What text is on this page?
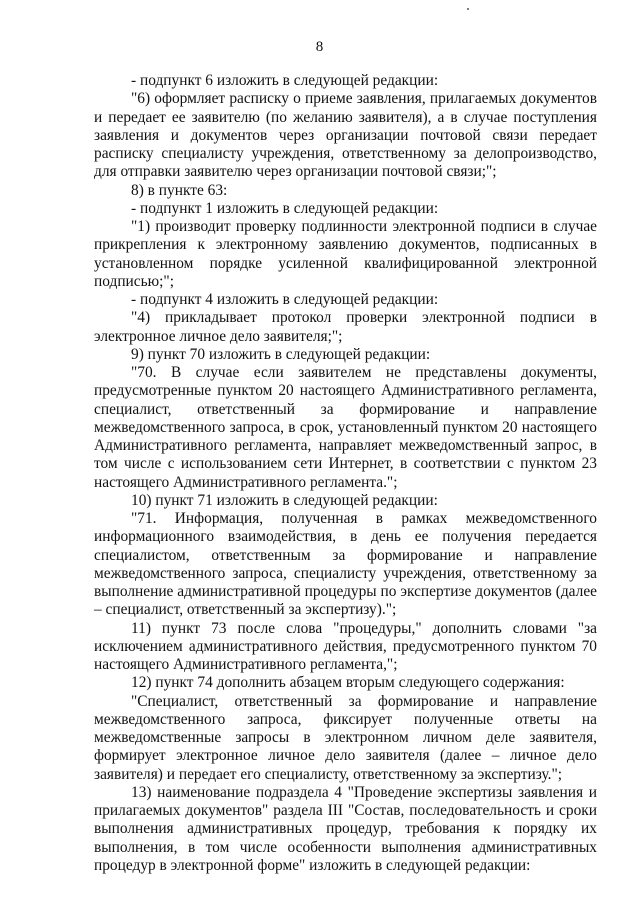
8

- подпункт 6 изложить в следующей редакции:

"6) оформляет расписку о приеме заявления, прилагаемых документов и передает ее заявителю (по желанию заявителя), а в случае поступления заявления и документов через организации почтовой связи передает расписку специалисту учреждения, ответственному за делопроизводство, для отправки заявителю через организации почтовой связи;";

8) в пункте 63:

- подпункт 1 изложить в следующей редакции:

"1) производит проверку подлинности электронной подписи в случае прикрепления к электронному заявлению документов, подписанных в установленном порядке усиленной квалифицированной электронной подписью;";

- подпункт 4 изложить в следующей редакции:

"4) прикладывает протокол проверки электронной подписи в электронное личное дело заявителя;";

9) пункт 70 изложить в следующей редакции:

"70. В случае если заявителем не представлены документы, предусмотренные пунктом 20 настоящего Административного регламента, специалист, ответственный за формирование и направление межведомственного запроса, в срок, установленный пунктом 20 настоящего Административного регламента, направляет межведомственный запрос, в том числе с использованием сети Интернет, в соответствии с пунктом 23 настоящего Административного регламента.";

10) пункт 71 изложить в следующей редакции:

"71. Информация, полученная в рамках межведомственного информационного взаимодействия, в день ее получения передается специалистом, ответственным за формирование и направление межведомственного запроса, специалисту учреждения, ответственному за выполнение административной процедуры по экспертизе документов (далее – специалист, ответственный за экспертизу).";

11) пункт 73 после слова "процедуры," дополнить словами "за исключением административного действия, предусмотренного пунктом 70 настоящего Административного регламента,";

12) пункт 74 дополнить абзацем вторым следующего содержания:

"Специалист, ответственный за формирование и направление межведомственного запроса, фиксирует полученные ответы на межведомственные запросы в электронном личном деле заявителя, формирует электронное личное дело заявителя (далее – личное дело заявителя) и передает его специалисту, ответственному за экспертизу.";

13) наименование подраздела 4 "Проведение экспертизы заявления и прилагаемых документов" раздела III "Состав, последовательность и сроки выполнения административных процедур, требования к порядку их выполнения, в том числе особенности выполнения административных процедур в электронной форме" изложить в следующей редакции:
